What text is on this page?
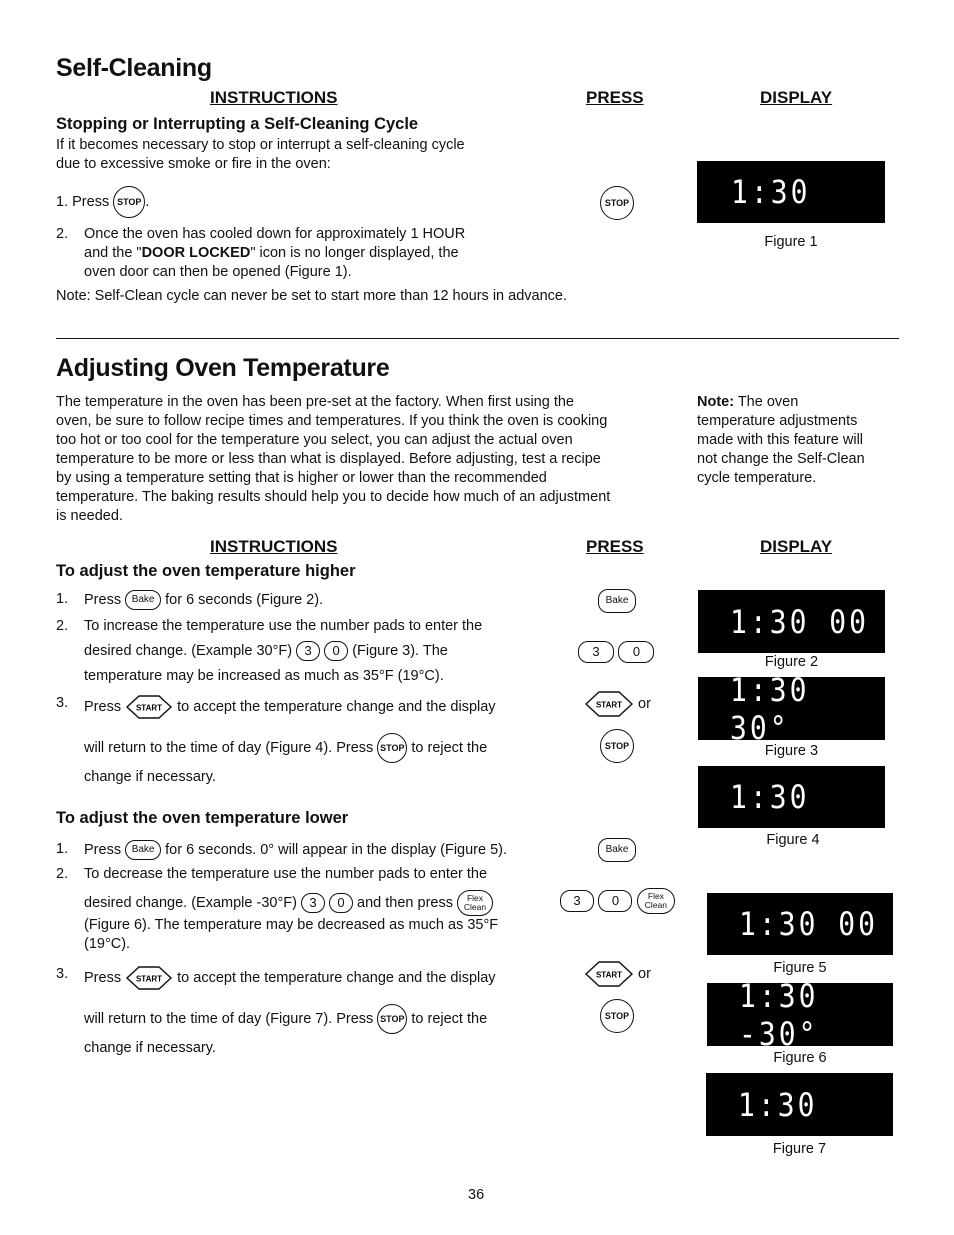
Self-Cleaning
INSTRUCTIONS	PRESS	DISPLAY
Stopping or Interrupting a Self-Cleaning Cycle
If it becomes necessary to stop or interrupt a self-cleaning cycle
due to excessive smoke or fire in the oven:
1. Press STOP .
2. Once the oven has cooled down for approximately 1 HOUR
and the "DOOR LOCKED" icon is no longer displayed, the
oven door can then be opened (Figure 1).
Note: Self-Clean cycle can never be set to start more than 12 hours in advance.
STOP	1:30
Figure 1
Adjusting Oven Temperature
The temperature in the oven has been pre-set at the factory. When first using the
oven, be sure to follow recipe times and temperatures. If you think the oven is cooking
too hot or too cool for the temperature you select, you can adjust the actual oven
temperature to be more or less than what is displayed. Before adjusting, test a recipe
by using a temperature setting that is higher or lower than the recommended
temperature. The baking results should help you to decide how much of an adjustment
is needed.
Note: The oven
temperature adjustments
made with this feature will
not change the Self-Clean
cycle temperature.
INSTRUCTIONS	PRESS	DISPLAY
To adjust the oven temperature higher
1. Press Bake for 6 seconds (Figure 2).
2. To increase the temperature use the number pads to enter the
desired change. (Example 30°F) 3 0 (Figure 3). The
temperature may be increased as much as 35°F (19°C).
3. Press START to accept the temperature change and the display
will return to the time of day (Figure 4). Press STOP to reject the
change if necessary.
Bake
3	0
START or
STOP
To adjust the oven temperature lower
1. Press Bake for 6 seconds. 0° will appear in the display (Figure 5).
2. To decrease the temperature use the number pads to enter the
desired change. (Example -30°F) 3 0 and then press Flex
Clean
(Figure 6). The temperature may be decreased as much as 35°F
(19°C).
3. Press START to accept the temperature change and the display
will return to the time of day (Figure 7). Press STOP to reject the
change if necessary.
Bake
3 0	Flex
Clean
START or
STOP
1:30 00
Figure 2
1:30 30°
Figure 3
1:30
Figure 4
1:30 00
Figure 5
1:30 -30°
Figure 6
1:30
Figure 7
36
